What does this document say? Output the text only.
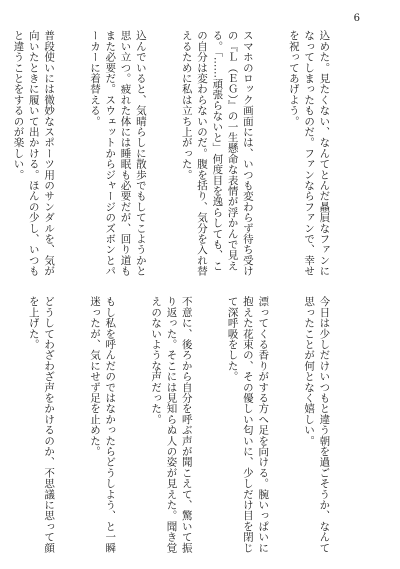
6

込めた。見たくない、なんてとんだ贔屓なファンになってしまったものだ。ファンならファンで、幸せを祝ってあげよう。

スマホのロック画面には、いつも変わらず待ち受けの『Ｌ（ＥＧ）』の一生懸命な表情が浮かんで見える。「……頑張らないと」何度目を逸らしても、この自分は変わらないのだ。腹を括り、気分を入れ替えるために私は立ち上がった。

込んでいると、気晴らしに散歩でもしてこようかと思い立つ。疲れた体には睡眠も必要だが、回り道もまた必要だ。スウェットからジャージのズボンとパーカーに着替える。

普段使いには微妙なスポーツ用のサンダルを、気が向いたときに履いて出かける。ほんの少し、いつもと違うことをするのが楽しい。

今日は少しだけいつもと違う朝を過ごそうか、なんて思ったことが何となく嬉しい。

漂ってくる香りがする方へ足を向ける。腕いっぱいに抱えた花束の、その優しい匂いに、少しだけ目を閉じて深呼吸をした。

不意に、後ろから自分を呼ぶ声が聞こえて、驚いて振り返った。そこには見知らぬ人の姿が見えた。聞き覚えのないような声だった。

もし私を呼んだのではなかったらどうしよう、と一瞬迷ったが、気にせず足を止めた。

どうしてわざわざ声をかけるのか、不思議に思って顔を上げた。
